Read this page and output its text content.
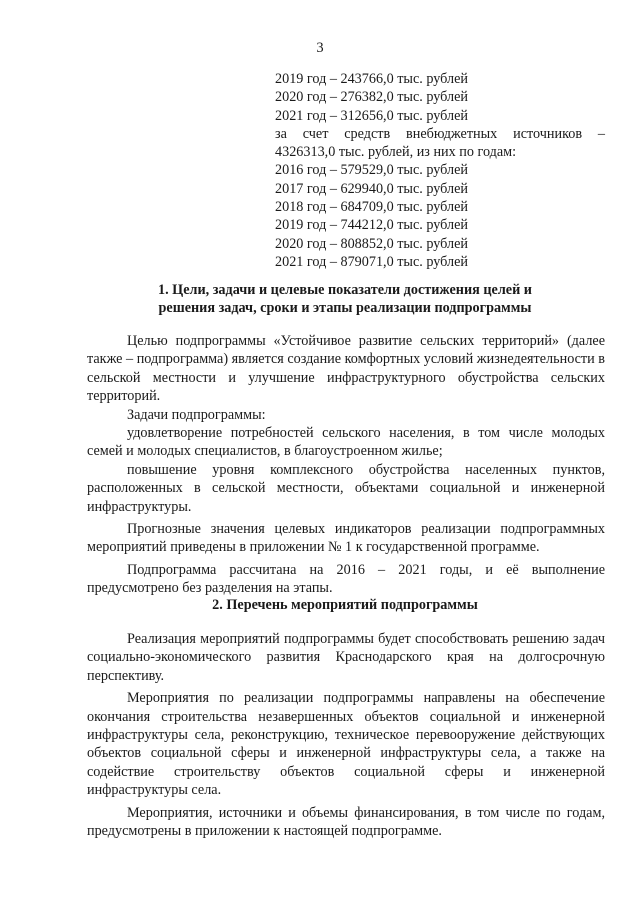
3
2019 год – 243766,0 тыс. рублей
2020 год – 276382,0 тыс. рублей
2021 год – 312656,0 тыс. рублей
за счет средств внебюджетных источников – 4326313,0 тыс. рублей, из них по годам:
2016 год – 579529,0 тыс. рублей
2017 год – 629940,0 тыс. рублей
2018 год – 684709,0 тыс. рублей
2019 год – 744212,0 тыс. рублей
2020 год – 808852,0 тыс. рублей
2021 год – 879071,0 тыс. рублей
1. Цели, задачи и целевые показатели достижения целей и
решения задач, сроки и этапы реализации подпрограммы

Целью подпрограммы «Устойчивое развитие сельских территорий» (далее также – подпрограмма) является создание комфортных условий жизнедеятельности в сельской местности и улучшение инфраструктурного обустройства сельских территорий.

Задачи подпрограммы:

удовлетворение потребностей сельского населения, в том числе молодых семей и молодых специалистов, в благоустроенном жилье;

повышение уровня комплексного обустройства населенных пунктов, расположенных в сельской местности, объектами социальной и инженерной инфраструктуры.

Прогнозные значения целевых индикаторов реализации подпрограммных мероприятий приведены в приложении № 1 к государственной программе.

Подпрограмма рассчитана на 2016 – 2021 годы, и её выполнение предусмотрено без разделения на этапы.

2. Перечень мероприятий подпрограммы

Реализация мероприятий подпрограммы будет способствовать решению задач социально-экономического развития Краснодарского края на долгосрочную перспективу.

Мероприятия по реализации подпрограммы направлены на обеспечение окончания строительства незавершенных объектов социальной и инженерной инфраструктуры села, реконструкцию, техническое перевооружение действующих объектов социальной сферы и инженерной инфраструктуры села, а также на содействие строительству объектов социальной сферы и инженерной инфраструктуры села.

Мероприятия, источники и объемы финансирования, в том числе по годам, предусмотрены в приложении к настоящей подпрограмме.
